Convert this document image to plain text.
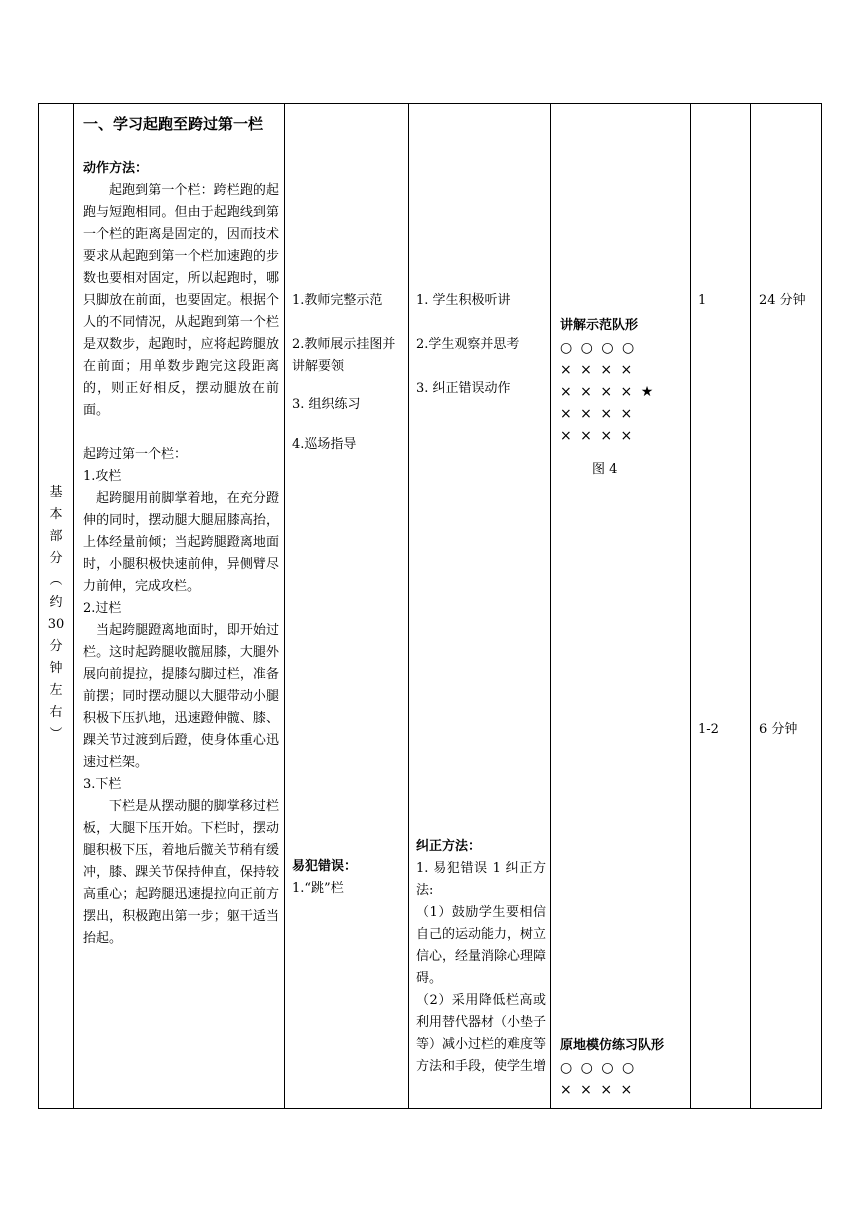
基
本
部
分
︵
约
30
分
钟
左
右
︶
一、学习起跑至跨过第一栏
动作方法：
起跑到第一个栏：跨栏跑的起跑与短跑相同。但由于起跑线到第一个栏的距离是固定的，因而技术要求从起跑到第一个栏加速跑的步数也要相对固定，所以起跑时，哪只脚放在前面，也要固定。根据个人的不同情况，从起跑到第一个栏是双数步，起跑时，应将起跨腿放在前面；用单数步跑完这段距离的，则正好相反，摆动腿放在前面。
起跨过第一个栏：
1.攻栏
起跨腿用前脚掌着地，在充分蹬伸的同时，摆动腿大腿屈膝高抬，上体经量前倾；当起跨腿蹬离地面时，小腿积极快速前伸，异侧臂尽力前伸，完成攻栏。
2.过栏
当起跨腿蹬离地面时，即开始过栏。这时起跨腿收髋屈膝，大腿外展向前提拉，提膝勾脚过栏，准备前摆；同时摆动腿以大腿带动小腿积极下压扒地，迅速蹬伸髋、膝、踝关节过渡到后蹬，使身体重心迅速过栏架。
3.下栏
下栏是从摆动腿的脚掌移过栏板，大腿下压开始。下栏时，摆动腿积极下压，着地后髋关节稍有缓冲，膝、踝关节保持伸直，保持较高重心；起跨腿迅速提拉向正前方摆出，积极跑出第一步；躯干适当抬起。
1.教师完整示范
2.教师展示挂图并讲解要领
3. 组织练习
4.巡场指导
易犯错误：
1.“跳”栏
1. 学生积极听讲
2.学生观察并思考
3. 纠正错误动作
纠正方法：
1. 易犯错误 1 纠正方法:
（1）鼓励学生要相信自己的运动能力，树立信心，经量消除心理障碍。
（2）采用降低栏高或利用替代器材（小垫子等）减小过栏的难度等方法和手段，使学生增
讲解示范队形
○ ○ ○ ○
× × × ×
× × × × ★
× × × ×
× × × ×
图 4
原地模仿练习队形
○ ○ ○ ○
× × × ×
1	24 分钟
1-2	6 分钟
